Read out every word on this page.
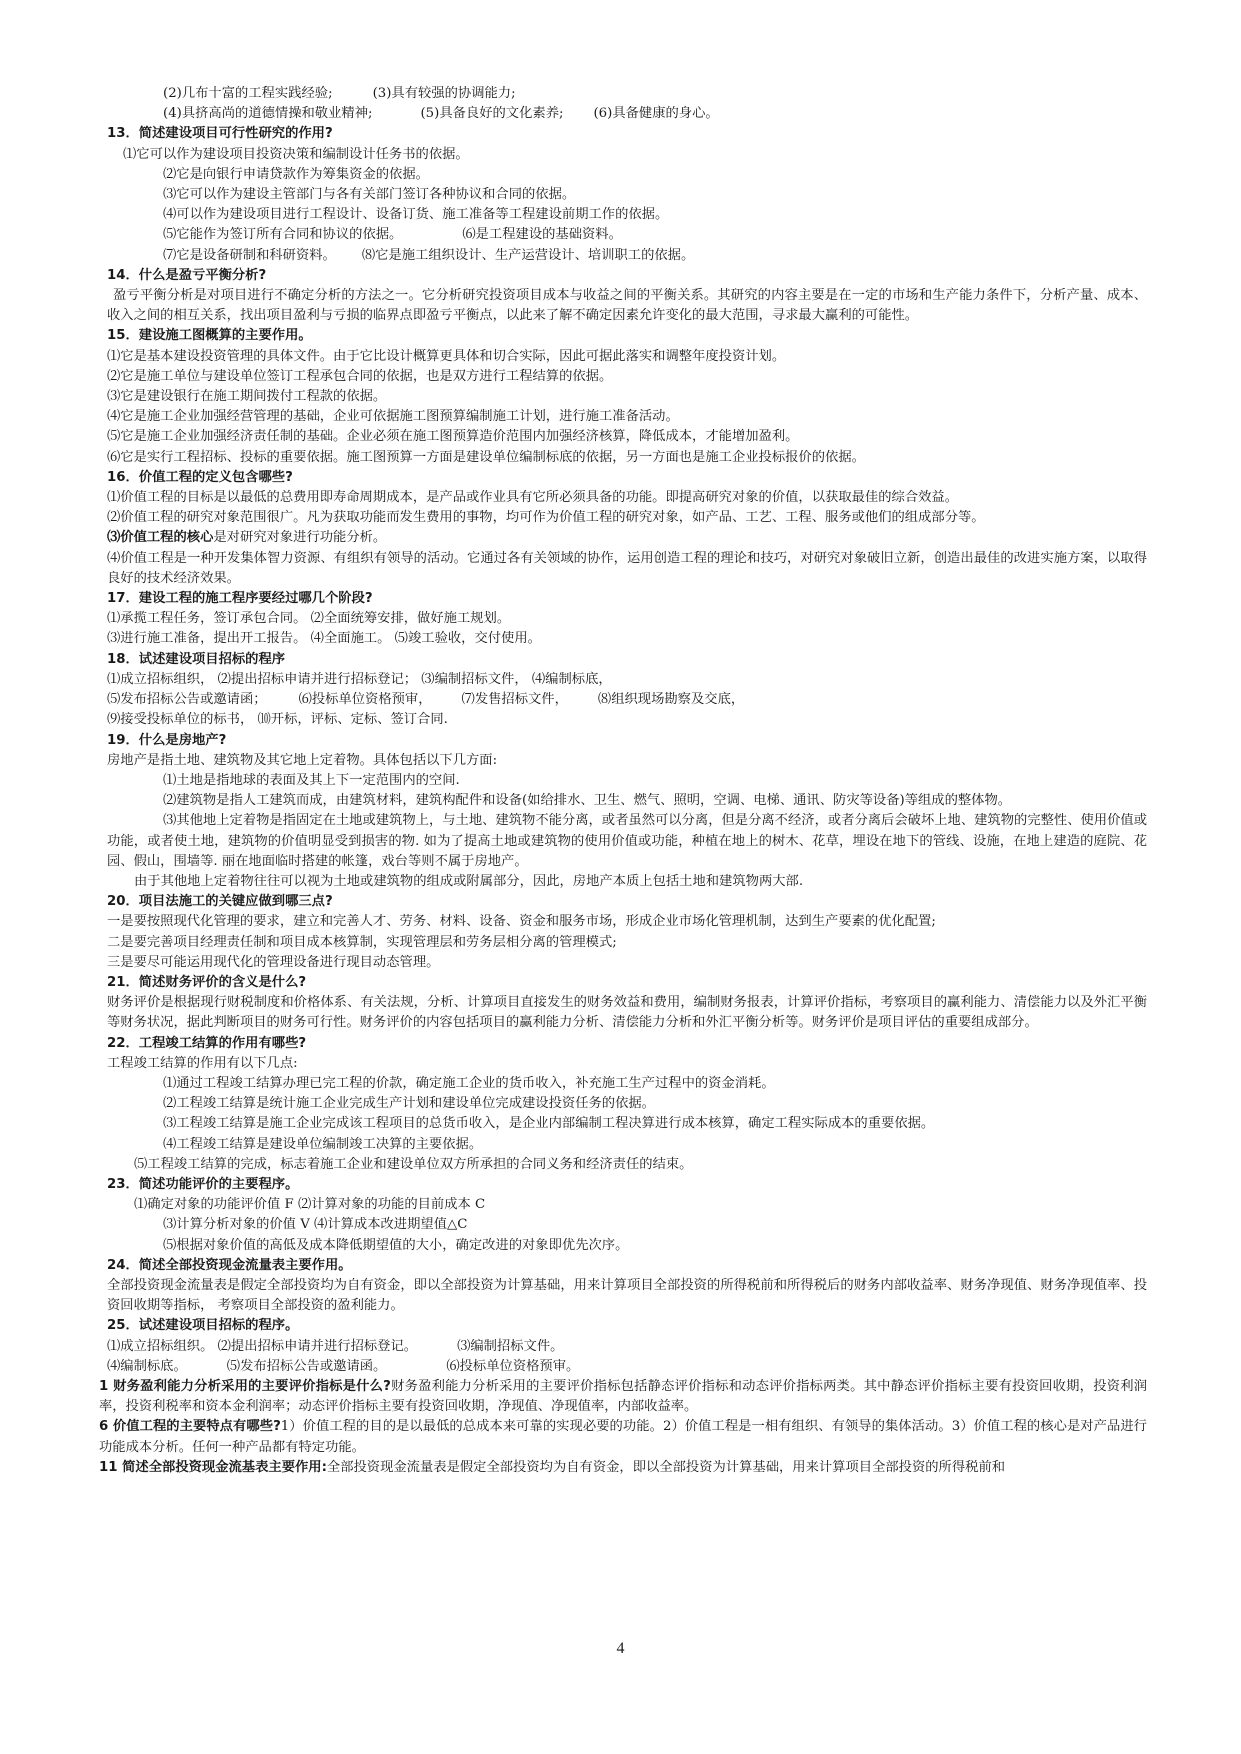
(2)几布十富的工程实践经验;	(3)具有较强的协调能力;
(4)具挤高尚的道德情操和敬业精神;	(5)具备良好的文化素养; (6)具备健康的身心。
13．简述建设项目可行性研究的作用?
⑴它可以作为建设项目投资决策和编制设计任务书的依据。
⑵它是向银行申请贷款作为筹集资金的依据。
⑶它可以作为建设主管部门与各有关部门签订各种协议和合同的依据。
⑷可以作为建设项目进行工程设计、设备订货、施工准备等工程建设前期工作的依据。
⑸它能作为签订所有合同和协议的依据。	⑹是工程建设的基础资料。
⑺它是设备研制和科研资料。 ⑻它是施工组织设计、生产运营设计、培训职工的依据。
14．什么是盈亏平衡分析?
盈亏平衡分析是对项目进行不确定分析的方法之一。它分析研究投资项目成本与收益之间的平衡关系。其研究的内容主要是在一定的市场和生产能力条件下，分析产量、成本、收入之间的相互关系，找出项目盈利与亏损的临界点即盈亏平衡点，以此来了解不确定因素允许变化的最大范围，寻求最大赢利的可能性。
15．建设施工图概算的主要作用。
⑴它是基本建设投资管理的具体文件。由于它比设计概算更具体和切合实际，因此可据此落实和调整年度投资计划。
⑵它是施工单位与建设单位签订工程承包合同的依据，也是双方进行工程结算的依据。
⑶它是建设银行在施工期间拨付工程款的依据。
⑷它是施工企业加强经营管理的基础，企业可依据施工图预算编制施工计划，进行施工准备活动。
⑸它是施工企业加强经济责任制的基础。企业必须在施工图预算造价范围内加强经济核算，降低成本，才能增加盈利。
⑹它是实行工程招标、投标的重要依据。施工图预算一方面是建设单位编制标底的依据，另一方面也是施工企业投标报价的依据。
16．价值工程的定义包含哪些?
⑴价值工程的目标是以最低的总费用即寿命周期成本，是产品或作业具有它所必须具备的功能。即提高研究对象的价值，以获取最佳的综合效益。
⑵价值工程的研究对象范围很广。凡为获取功能而发生费用的事物，均可作为价值工程的研究对象，如产品、工艺、工程、服务或他们的组成部分等。
⑶价值工程的核心是对研究对象进行功能分析。
⑷价值工程是一种开发集体智力资源、有组织有领导的活动。它通过各有关领域的协作，运用创造工程的理论和技巧，对研究对象破旧立新，创造出最佳的改进实施方案，以取得良好的技术经济效果。
17．建设工程的施工程序要经过哪几个阶段?
⑴承揽工程任务，签订承包合同。 ⑵全面统筹安排，做好施工规划。
⑶进行施工准备，提出开工报告。 ⑷全面施工。 ⑸竣工验收，交付使用。
18．试述建设项目招标的程序
⑴成立招标组织， ⑵提出招标申请并进行招标登记； ⑶编制招标文件， ⑷编制标底，
⑸发布招标公告或邀请函； ⑹投标单位资格预审， ⑺发售招标文件， ⑻组织现场勘察及交底，
⑼接受投标单位的标书， ⑽开标，评标、定标、签订合同.
19．什么是房地产?
房地产是指土地、建筑物及其它地上定着物。具体包括以下几方面:
⑴土地是指地球的表面及其上下一定范围内的空间.
⑵建筑物是指人工建筑而成，由建筑材料，建筑构配件和设备(如给排水、卫生、燃气、照明，空调、电梯、通讯、防灾等设备)等组成的整体物。
⑶其他地上定着物是指固定在土地或建筑物上，与土地、建筑物不能分离，或者虽然可以分离，但是分离不经济，或者分离后会破坏上地、建筑物的完整性、使用价值或功能，或者使土地，建筑物的价值明显受到损害的物. 如为了提高土地或建筑物的使用价值或功能，种植在地上的树木、花草，埋设在地下的管线、设施，在地上建造的庭院、花园、假山，围墙等. 丽在地面临时搭建的帐篷，戏台等则不属于房地产。
由于其他地上定着物往往可以视为土地或建筑物的组成或附属部分，因此，房地产本质上包括土地和建筑物两大部.
20．项目法施工的关键应做到哪三点?
一是要按照现代化管理的要求，建立和完善人才、劳务、材料、设备、资金和服务市场，形成企业市场化管理机制，达到生产要素的优化配置;
二是要完善项目经理责任制和项目成本核算制，实现管理层和劳务层相分离的管理模式;
三是要尽可能运用现代化的管理设备进行现目动态管理。
21．简述财务评价的含义是什么?
财务评价是根据现行财税制度和价格体系、有关法规，分析、计算项目直接发生的财务效益和费用，编制财务报表，计算评价指标，考察项目的赢利能力、清偿能力以及外汇平衡等财务状况，据此判断项目的财务可行性。财务评价的内容包括项目的赢利能力分析、清偿能力分析和外汇平衡分析等。财务评价是项目评估的重要组成部分。
22．工程竣工结算的作用有哪些?
工程竣工结算的作用有以下几点:
⑴通过工程竣工结算办理已完工程的价款，确定施工企业的货币收入，补充施工生产过程中的资金消耗。
⑵工程竣工结算是统计施工企业完成生产计划和建设单位完成建设投资任务的依据。
⑶工程竣工结算是施工企业完成该工程项目的总货币收入，是企业内部编制工程决算进行成本核算，确定工程实际成本的重要依据。
⑷工程竣工结算是建设单位编制竣工决算的主要依据。
⑸工程竣工结算的完成，标志着施工企业和建设单位双方所承担的合同义务和经济责任的结束。
23．简述功能评价的主要程序。
⑴确定对象的功能评价值 F ⑵计算对象的功能的目前成本 C
⑶计算分析对象的价值 V ⑷计算成本改进期望值△C
⑸根据对象价值的高低及成本降低期望值的大小，确定改进的对象即优先次序。
24．简述全部投资现金流量表主要作用。
全部投资现金流量表是假定全部投资均为自有资金，即以全部投资为计算基础，用来计算项目全部投资的所得税前和所得税后的财务内部收益率、财务净现值、财务净现值率、投资回收期等指标， 考察项目全部投资的盈利能力。
25．试述建设项目招标的程序。
⑴成立招标组织。 ⑵提出招标申请并进行招标登记。	⑶编制招标文件。
⑷编制标底。	⑸发布招标公告或邀请函。	⑹投标单位资格预审。
1 财务盈利能力分析采用的主要评价指标是什么?财务盈利能力分析采用的主要评价指标包括静态评价指标和动态评价指标两类。其中静态评价指标主要有投资回收期，投资利润率，投资利税率和资本金利润率；动态评价指标主要有投资回收期，净现值、净现值率，内部收益率。
6 价值工程的主要特点有哪些?1）价值工程的目的是以最低的总成本来可靠的实现必要的功能。2）价值工程是一相有组织、有领导的集体活动。3）价值工程的核心是对产品进行功能成本分析。任何一种产品都有特定功能。
11 简述全部投资现金流基表主要作用:全部投资现金流量表是假定全部投资均为自有资金，即以全部投资为计算基础，用来计算项目全部投资的所得税前和
4
